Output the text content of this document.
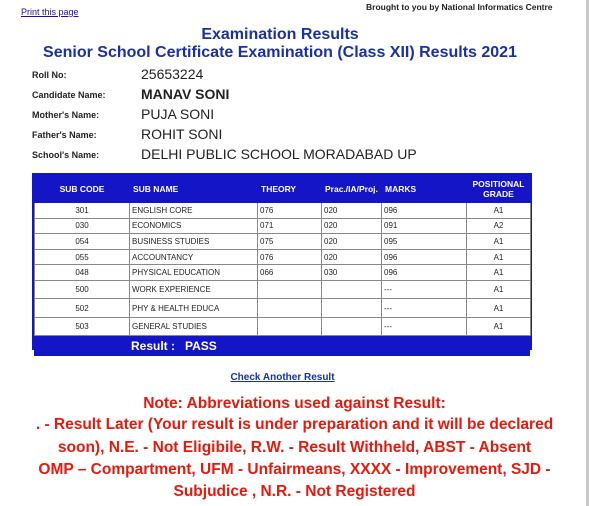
Print this page	Brought to you by National Informatics Centre
Examination Results
Senior School Certificate Examination (Class XII) Results 2021
Roll No:	25653224
Candidate Name:	MANAV SONI
Mother's Name:	PUJA SONI
Father's Name:	ROHIT SONI
School's Name:	DELHI PUBLIC SCHOOL MORADABAD UP
SUB CODE	SUB NAME	THEORY	Prac./IA/Proj.	MARKS	POSITIONAL GRADE
301	ENGLISH CORE	076	020	096	A1
030	ECONOMICS	071	020	091	A2
054	BUSINESS STUDIES	075	020	095	A1
055	ACCOUNTANCY	076	020	096	A1
048	PHYSICAL EDUCATION	066	030	096	A1
500	WORK EXPERIENCE			---	A1
502	PHY & HEALTH EDUCA			---	A1
503	GENERAL STUDIES			---	A1
Result :   PASS
Check Another Result
Note: Abbreviations used against Result:
. - Result Later (Your result is under preparation and it will be declared
soon), N.E. - Not Eligibile, R.W. - Result Withheld, ABST - Absent
OMP – Compartment, UFM - Unfairmeans, XXXX - Improvement, SJD -
Subjudice , N.R. - Not Registered
